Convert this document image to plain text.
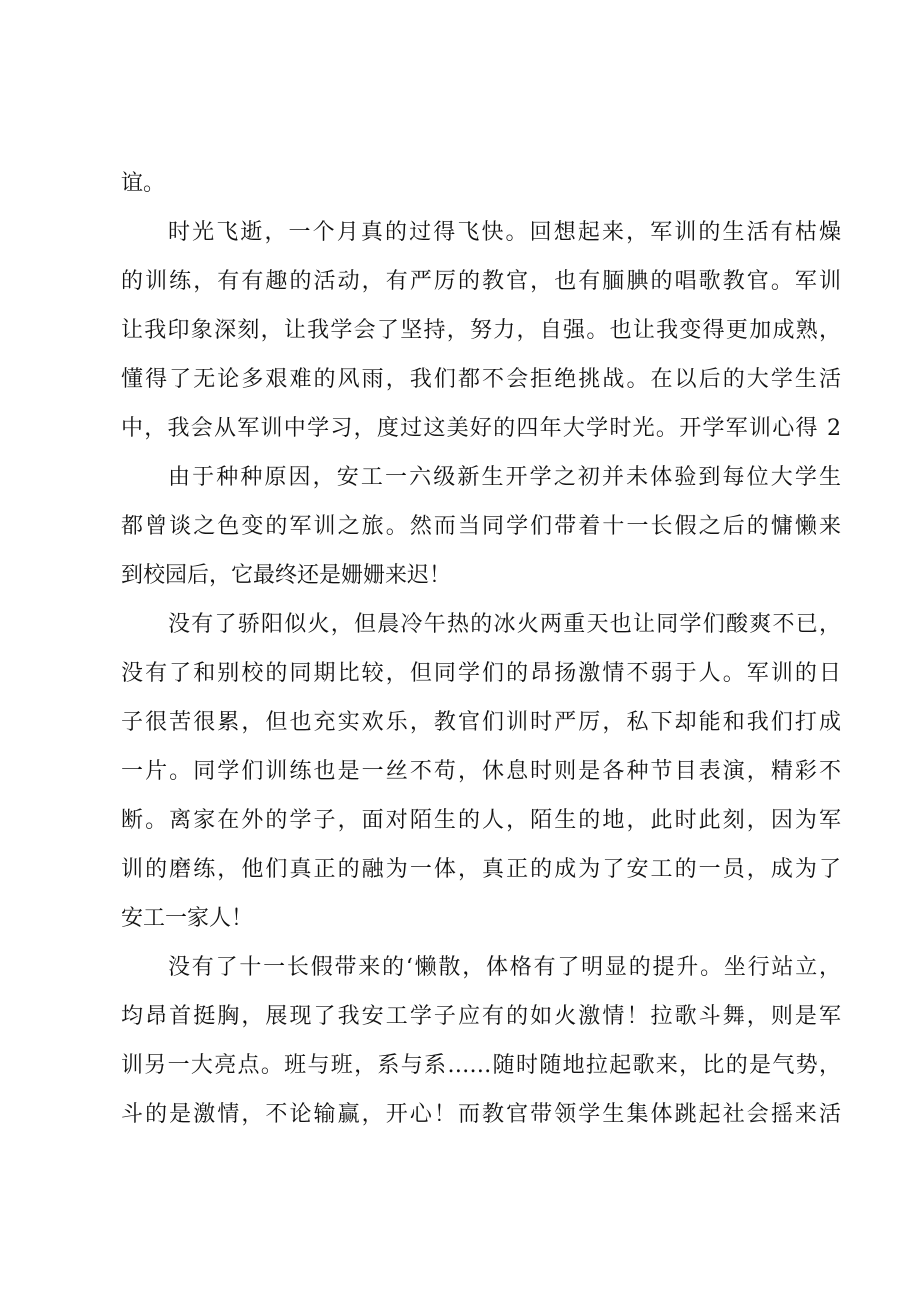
谊。
时光飞逝，一个月真的过得飞快。回想起来，军训的生活有枯燥
的训练，有有趣的活动，有严厉的教官，也有腼腆的唱歌教官。军训
让我印象深刻，让我学会了坚持，努力，自强。也让我变得更加成熟，
懂得了无论多艰难的风雨，我们都不会拒绝挑战。在以后的大学生活
中，我会从军训中学习，度过这美好的四年大学时光。开学军训心得 2
由于种种原因，安工一六级新生开学之初并未体验到每位大学生
都曾谈之色变的军训之旅。然而当同学们带着十一长假之后的慵懒来
到校园后，它最终还是姗姗来迟！
没有了骄阳似火，但晨冷午热的冰火两重天也让同学们酸爽不已，
没有了和别校的同期比较，但同学们的昂扬激情不弱于人。军训的日
子很苦很累，但也充实欢乐，教官们训时严厉，私下却能和我们打成
一片。同学们训练也是一丝不苟，休息时则是各种节目表演，精彩不
断。离家在外的学子，面对陌生的人，陌生的地，此时此刻，因为军
训的磨练，他们真正的融为一体，真正的成为了安工的一员，成为了
安工一家人！
没有了十一长假带来的‘懒散，体格有了明显的提升。坐行站立，
均昂首挺胸，展现了我安工学子应有的如火激情！拉歌斗舞，则是军
训另一大亮点。班与班，系与系……随时随地拉起歌来，比的是气势，
斗的是激情，不论输赢，开心！而教官带领学生集体跳起社会摇来活
